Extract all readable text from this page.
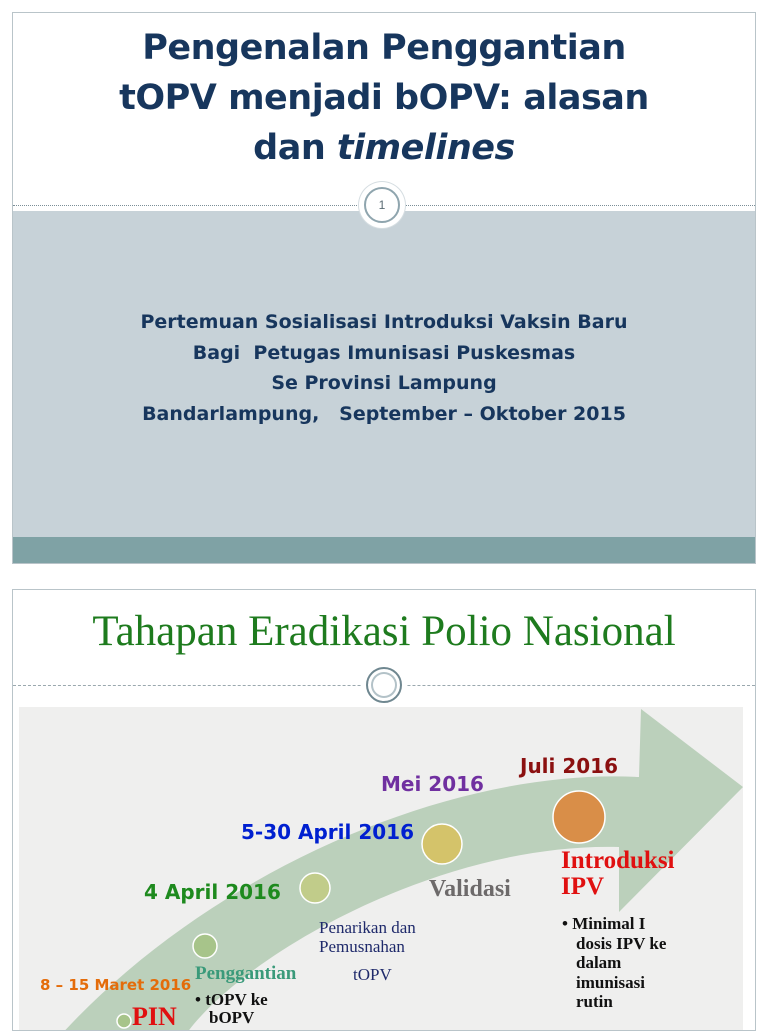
Pengenalan Penggantian
tOPV menjadi bOPV: alasan
dan timelines
1
Pertemuan Sosialisasi Introduksi Vaksin Baru
Bagi  Petugas Imunisasi Puskesmas
Se Provinsi Lampung
Bandarlampung,   September – Oktober 2015
Tahapan Eradikasi Polio Nasional
8 – 15 Maret 2016
PIN
4 April 2016
Penggantian
• tOPV ke
bOPV
5-30 April 2016
Penarikan dan
Pemusnahan
tOPV
Mei 2016
Validasi
Juli 2016
Introduksi
IPV
• Minimal I
dosis IPV ke
dalam
imunisasi
rutin
